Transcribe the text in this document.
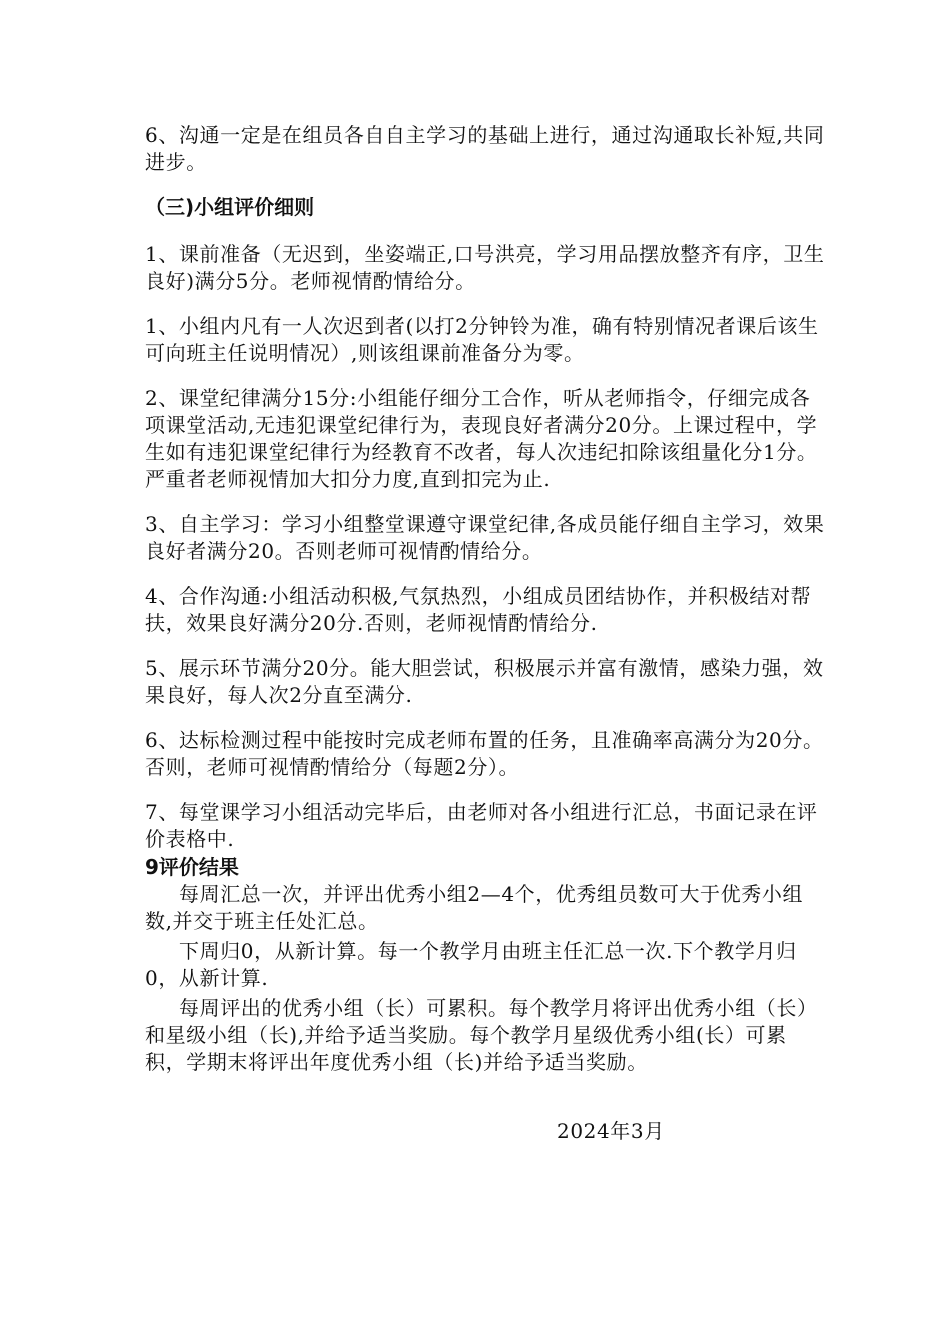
6、沟通一定是在组员各自自主学习的基础上进行，通过沟通取长补短,共同进步。

（三)小组评价细则

1、课前准备（无迟到，坐姿端正,口号洪亮，学习用品摆放整齐有序，卫生良好)满分5分。老师视情酌情给分。

1、小组内凡有一人次迟到者(以打2分钟铃为准，确有特别情况者课后该生可向班主任说明情况）,则该组课前准备分为零。

2、课堂纪律满分15分:小组能仔细分工合作，听从老师指令，仔细完成各项课堂活动,无违犯课堂纪律行为，表现良好者满分20分。上课过程中，学生如有违犯课堂纪律行为经教育不改者，每人次违纪扣除该组量化分1分。严重者老师视情加大扣分力度,直到扣完为止.

3、自主学习：学习小组整堂课遵守课堂纪律,各成员能仔细自主学习，效果良好者满分20。否则老师可视情酌情给分。

4、合作沟通:小组活动积极,气氛热烈，小组成员团结协作，并积极结对帮扶，效果良好满分20分.否则，老师视情酌情给分.

5、展示环节满分20分。能大胆尝试，积极展示并富有激情，感染力强，效果良好，每人次2分直至满分.

6、达标检测过程中能按时完成老师布置的任务，且准确率高满分为20分。否则，老师可视情酌情给分（每题2分）。

7、每堂课学习小组活动完毕后，由老师对各小组进行汇总，书面记录在评价表格中.

9评价结果

每周汇总一次，并评出优秀小组2—4个，优秀组员数可大于优秀小组数,并交于班主任处汇总。

下周归0，从新计算。每一个教学月由班主任汇总一次.下个教学月归0，从新计算.

每周评出的优秀小组（长）可累积。每个教学月将评出优秀小组（长）和星级小组（长),并给予适当奖励。每个教学月星级优秀小组(长）可累积，学期末将评出年度优秀小组（长)并给予适当奖励。

2024年3月
